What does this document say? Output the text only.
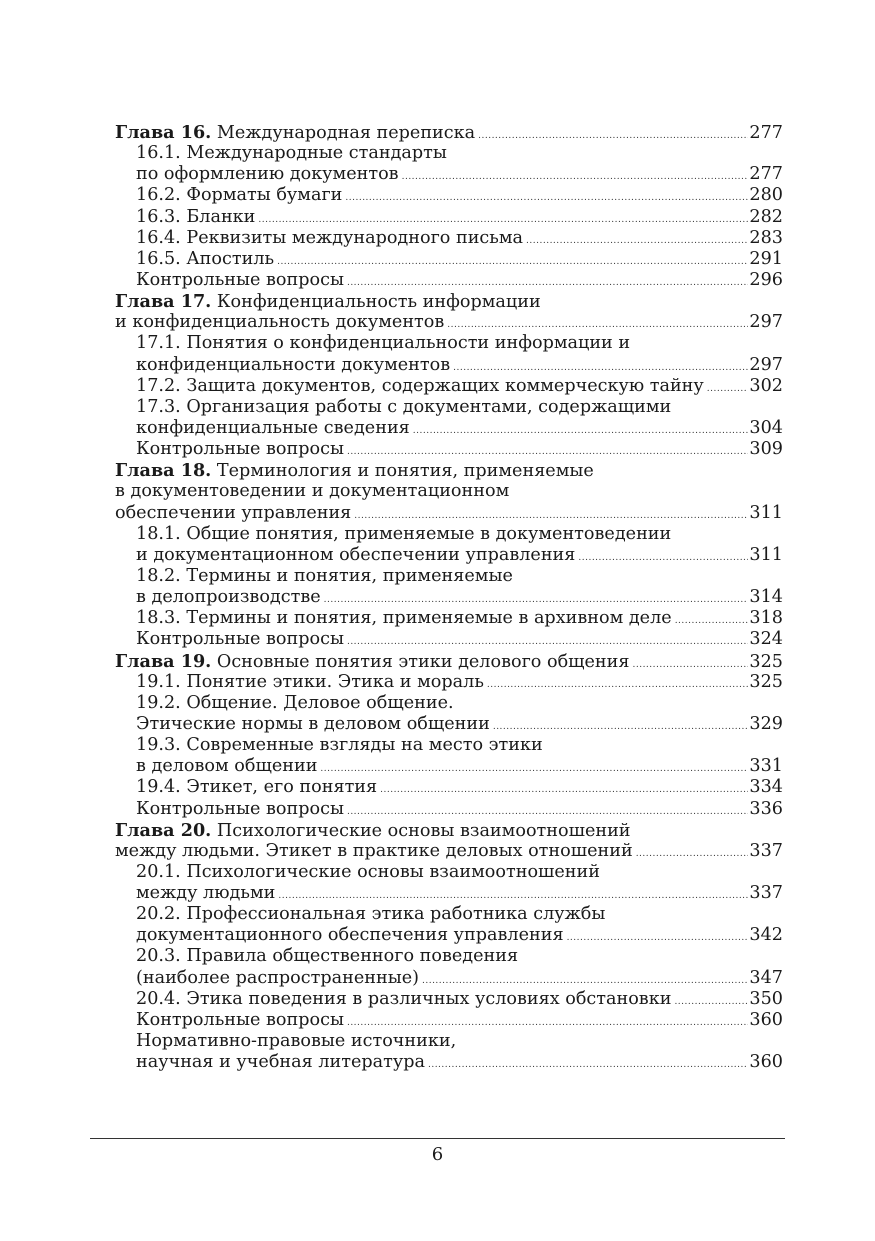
Глава 16. Международная переписка .....	277
16.1. Международные стандарты
по оформлению документов .....	277
16.2. Форматы бумаги .....	280
16.3. Бланки .....	282
16.4. Реквизиты международного письма .....	283
16.5. Апостиль .....	291
Контрольные вопросы .....	296
Глава 17. Конфиденциальность информации
и конфиденциальность документов .....	297
17.1. Понятия о конфиденциальности информации и
конфиденциальности документов .....	297
17.2. Защита документов, содержащих коммерческую тайну .....	302
17.3. Организация работы с документами, содержащими
конфиденциальные сведения .....	304
Контрольные вопросы .....	309
Глава 18. Терминология и понятия, применяемые
в документоведении и документационном
обеспечении управления .....	311
18.1. Общие понятия, применяемые в документоведении
и документационном обеспечении управления .....	311
18.2. Термины и понятия, применяемые
в делопроизводстве .....	314
18.3. Термины и понятия, применяемые в архивном деле .....	318
Контрольные вопросы .....	324
Глава 19. Основные понятия этики делового общения .....	325
19.1. Понятие этики. Этика и мораль .....	325
19.2. Общение. Деловое общение.
Этические нормы в деловом общении .....	329
19.3. Современные взгляды на место этики
в деловом общении .....	331
19.4. Этикет, его понятия .....	334
Контрольные вопросы .....	336
Глава 20. Психологические основы взаимоотношений
между людьми. Этикет в практике деловых отношений .....	337
20.1. Психологические основы взаимоотношений
между людьми .....	337
20.2. Профессиональная этика работника службы
документационного обеспечения управления .....	342
20.3. Правила общественного поведения
(наиболее распространенные) .....	347
20.4. Этика поведения в различных условиях обстановки .....	350
Контрольные вопросы .....	360
Нормативно-правовые источники,
научная и учебная литература .....	360
6
